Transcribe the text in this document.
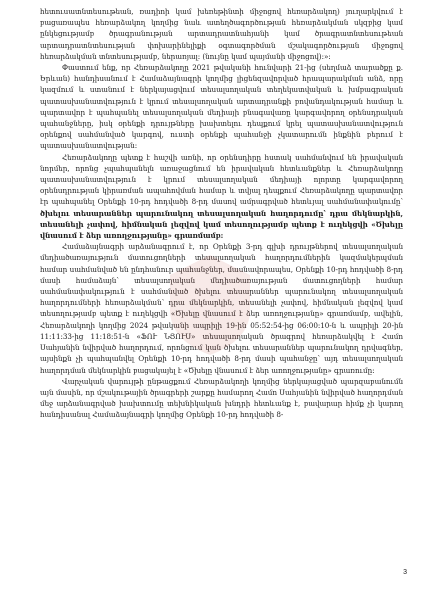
հետուսատնտեսութեան, ռադիոի կամ խեռեթինտի միջոցով հեռարձակող) յուղարկվում է բացառապես հեռարձակող կողմից նաև ատեղծագործության հեռարձակման սկզբից կամ ընկեցությամբ ծրագրանության արտադրատնահյանի կամ ծրագրատնտեսութեան արտադրատնտեսության փոխարինելիքի օգտագործման մշակագործության միջոցով հեռարձակման տնտեսությամբ, ներառյալ: (նույնը կամ պայմանի միջոցով)։»։

Փաստում ենք, որ Հեռարձակողը 2021 թվականի հունվարի 21-ից (սեղմաձ տարածքը ք. Երևան) հանդիսանում է Համաձայնագրի կողմից լիցենզավորված հրապարակման անձ, որը կազմում և ստանում է ներկայացվում տեսալսողական տեղեկատվական և խմբագրական պատասխանատվություն է կրում տեսալսողական արտադրանքի բովանդակության համար և պարտավոր է պահպանել տեսալսողական մեդիայի բնագավառը կարգավորող օրենսդրական պահանջները, իսկ օրենքի դրույթները խախտելու դեպքում կրել պատասխանատվություն օրենքով սահմանված կարգով, ուստի օրենքի պահանջի չկատարումն ինքնին բերում է պատասխանատվության:

Հեռարձակողը պետք է հաշվի առնի, որ օրենսդիրը հստակ սահմանվում են իրավական նորմեր, որոնց չպահպանելն առաջացնում են իրավական հետևանքներ և Հեռարձակողը պատասխանատվություն է կրում տեսալսողական մեդիայի ոլորտը կարգավորող օրենսդրության կիրառման ապահովման համար և տվյալ դեպքում Հեռարձակողը պարտավոր էր պահպանել Օրենքի 10-րդ հոդվածի 8-րդ մասով ամրագրված հետևյալ սահմանափակումը՝ ծխելու տեսարաններ պարունակող տեսալսողական հաղորդումը՝ դրա մեկնարկին, տեսանելի չափով, հիմնական լեզվով կամ տեսողությամբ պետք է ուղեկցվի «Ծխելը վնասում է ձեր առողջությանը» գրառմամբ:

Համաձայնագրի արձանագրում է, որ Օրենքի 3-րդ գլխի դրույթներով տեսալսողական մեդիածառայություն մատուցողների տեսալսողական հաղորդումներին կազմակերպման համար սահմանված են ընդհանուր պահանջներ, մասնավորապես, Օրենքի 10-րդ հոդվածի 8-րդ մասի համաձայն՝ տեսալսողական մեդիածառայության մատուցողների համար սահմանափակություն է սահմանված ծխելու տեսարաններ պարունակող տեսալսողական հաղորդումների հեռարձակման՝ դրա մեկնարկին, տեսանելի չափով, հիմնական լեզվով կամ տեսողությամբ պետք է ուղեկցվի «Ծխելը վնասում է ձեր առողջությանը» գրառմամբ, ավելին, Հեռարձակողի կողմից 2024 թվականի ապրիլի 19-ին 05:52:54-ից 06:00:10-ն և ապրիլի 20-ին 11:11:33-ից 11:18:51-ն «ՖՈՒ ՆՅՈՒՍ» տեսալսողական ծրագրով հեռարձակվել է Համո Սահյանին նվիրված հաղորդում, որոնցում կան ծխելու տեսարաններ պարունակող դրվագներ, այսինքն չի պահպանվել Օրենքի 10-րդ հոդվածի 8-րդ մասի պահանջը՝ այդ տեսալսողական հաղորդման մեկնարկին բացակայել է «Ծխելը վնասում է ձեր առողջությանը» գրառումը:

Վարչական վարույթի ընթացքում Հեռարձակողի կողմից ներկայացված պարզաբանումն այն մասին, որ մշակութային ծրագրերի շարքը համարող Համո Սահյանին նվիրված հաղորդման մեջ արձանագրված խախտումը տեխնիկական խնդրի հետևանք է, բավարար հիմք չի կարող հանդիսանալ Համաձայնագրի կողմից Օրենքի 10-րդ հոդվածի 8-

3
